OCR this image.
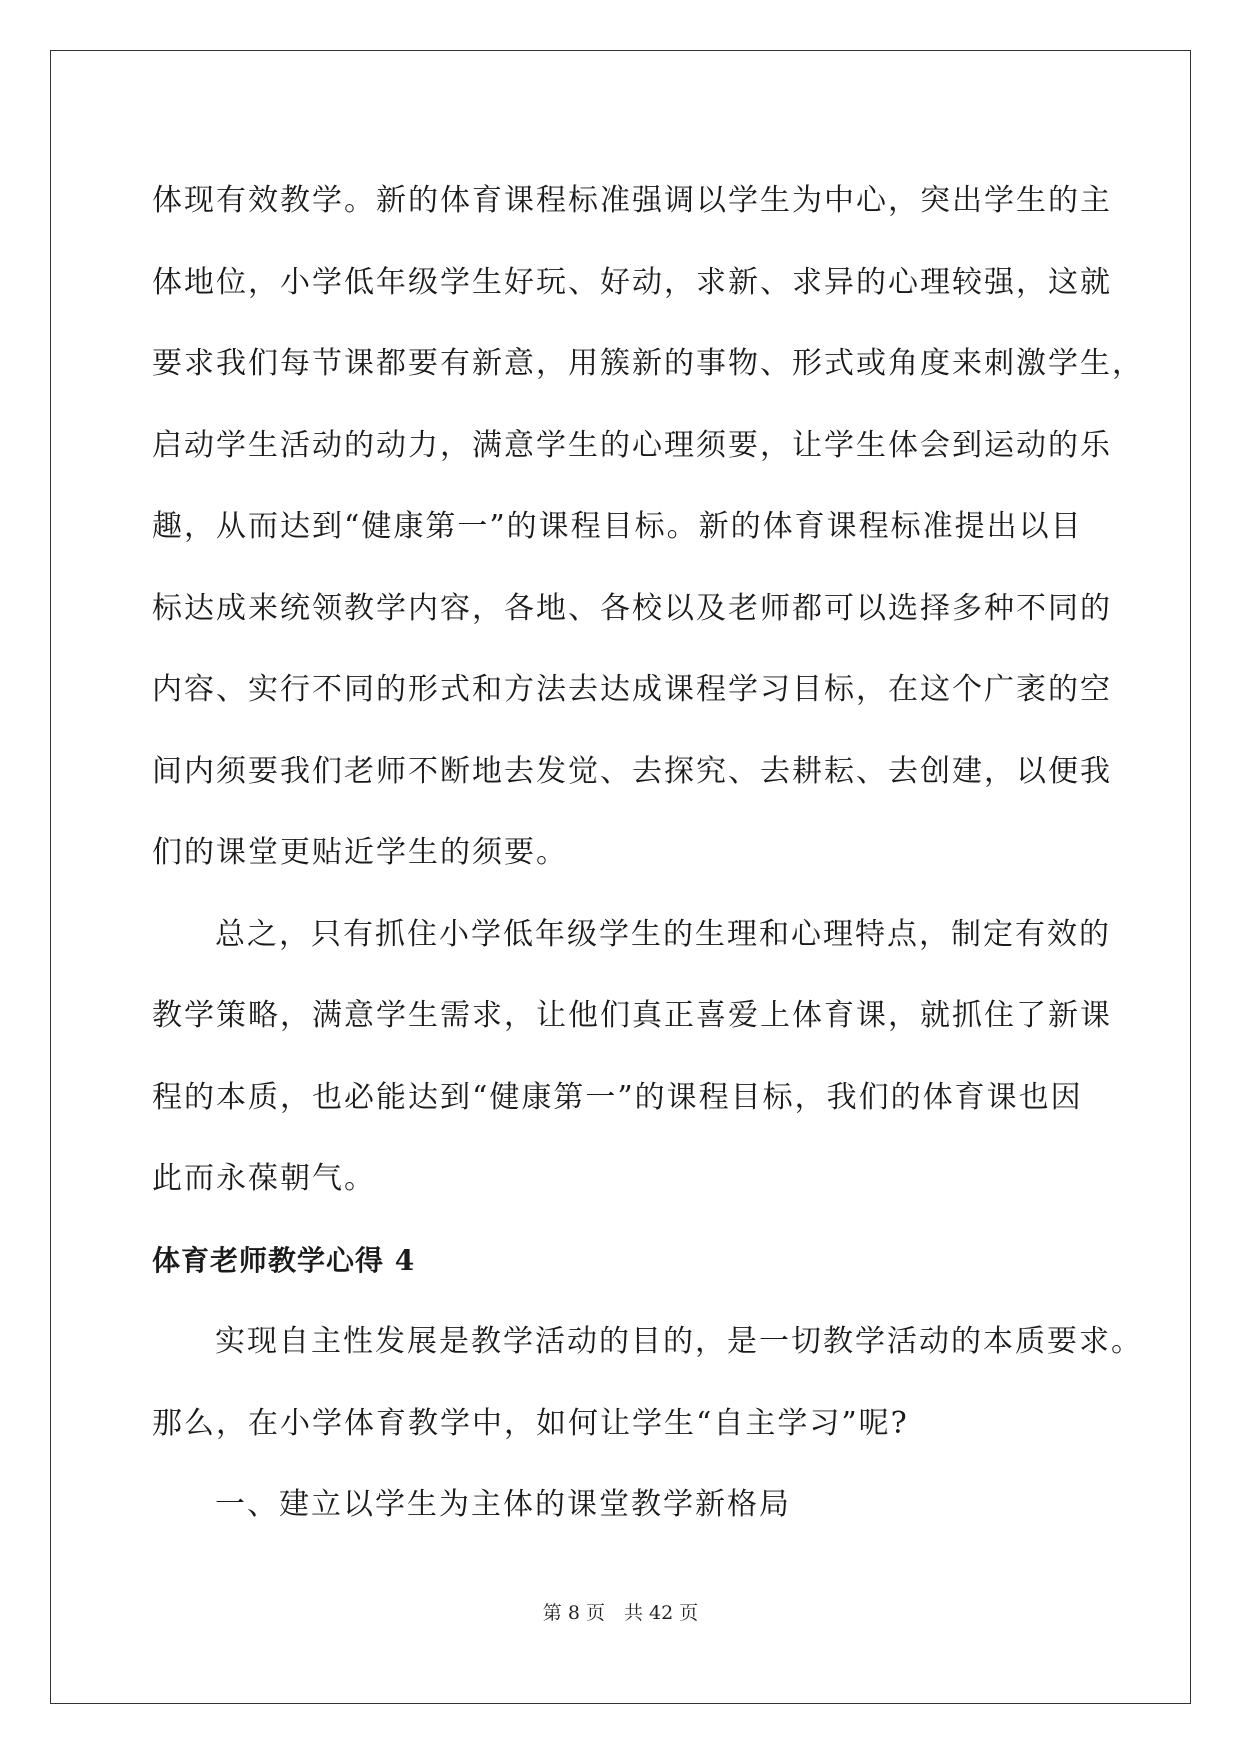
体现有效教学。新的体育课程标准强调以学生为中心，突出学生的主
体地位，小学低年级学生好玩、好动，求新、求异的心理较强，这就
要求我们每节课都要有新意，用簇新的事物、形式或角度来刺激学生，
启动学生活动的动力，满意学生的心理须要，让学生体会到运动的乐
趣，从而达到“健康第一”的课程目标。新的体育课程标准提出以目
标达成来统领教学内容，各地、各校以及老师都可以选择多种不同的
内容、实行不同的形式和方法去达成课程学习目标，在这个广袤的空
间内须要我们老师不断地去发觉、去探究、去耕耘、去创建，以便我
们的课堂更贴近学生的须要。

总之，只有抓住小学低年级学生的生理和心理特点，制定有效的
教学策略，满意学生需求，让他们真正喜爱上体育课，就抓住了新课
程的本质，也必能达到“健康第一”的课程目标，我们的体育课也因
此而永葆朝气。

体育老师教学心得 4

实现自主性发展是教学活动的目的，是一切教学活动的本质要求。
那么，在小学体育教学中，如何让学生“自主学习”呢?

一、建立以学生为主体的课堂教学新格局

第 8 页　共 42 页
